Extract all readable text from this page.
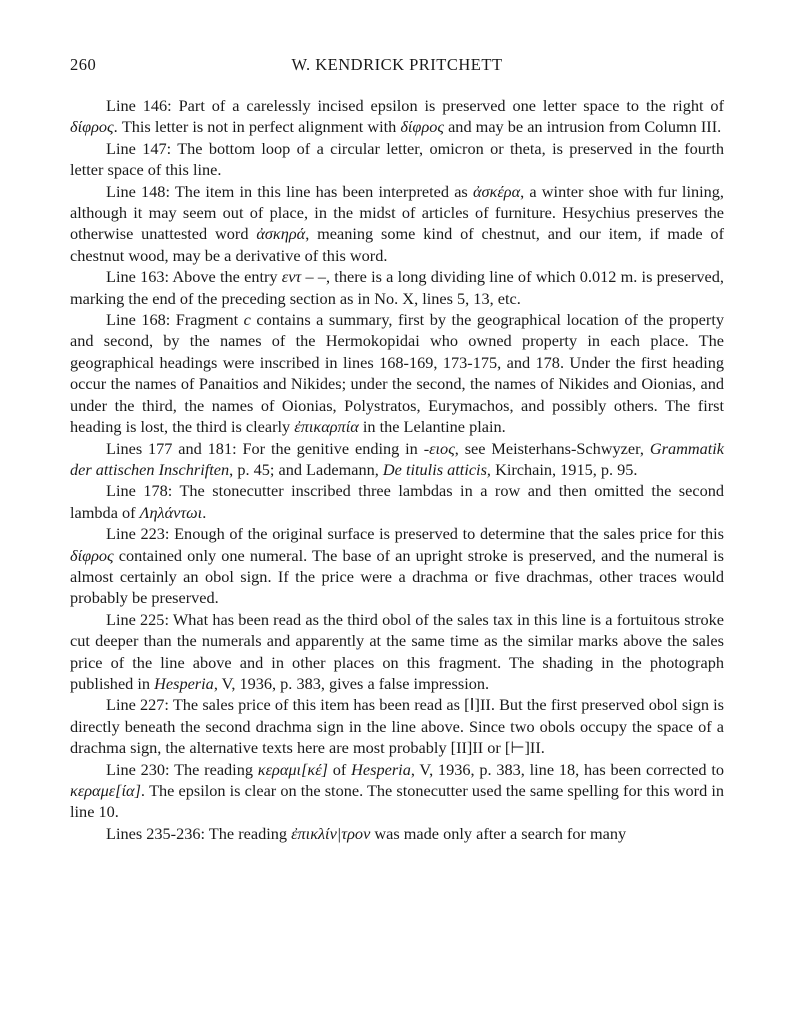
260	W. KENDRICK PRITCHETT

Line 146: Part of a carelessly incised epsilon is preserved one letter space to the right of δίφρος. This letter is not in perfect alignment with δίφρος and may be an intrusion from Column III.

Line 147: The bottom loop of a circular letter, omicron or theta, is preserved in the fourth letter space of this line.

Line 148: The item in this line has been interpreted as ἀσκέρα, a winter shoe with fur lining, although it may seem out of place, in the midst of articles of furniture. Hesychius preserves the otherwise unattested word ἀσκηρά, meaning some kind of chestnut, and our item, if made of chestnut wood, may be a derivative of this word.

Line 163: Above the entry εντ – –, there is a long dividing line of which 0.012 m. is preserved, marking the end of the preceding section as in No. X, lines 5, 13, etc.

Line 168: Fragment c contains a summary, first by the geographical location of the property and second, by the names of the Hermokopidai who owned property in each place. The geographical headings were inscribed in lines 168-169, 173-175, and 178. Under the first heading occur the names of Panaitios and Nikides; under the second, the names of Nikides and Oionias, and under the third, the names of Oionias, Polystratos, Eurymachos, and possibly others. The first heading is lost, the third is clearly ἐπικαρπία in the Lelantine plain.

Lines 177 and 181: For the genitive ending in -ειος, see Meisterhans-Schwyzer, Grammatik der attischen Inschriften, p. 45; and Lademann, De titulis atticis, Kirchain, 1915, p. 95.

Line 178: The stonecutter inscribed three lambdas in a row and then omitted the second lambda of Ληλάντωι.

Line 223: Enough of the original surface is preserved to determine that the sales price for this δίφρος contained only one numeral. The base of an upright stroke is preserved, and the numeral is almost certainly an obol sign. If the price were a drachma or five drachmas, other traces would probably be preserved.

Line 225: What has been read as the third obol of the sales tax in this line is a fortuitous stroke cut deeper than the numerals and apparently at the same time as the similar marks above the sales price of the line above and in other places on this fragment. The shading in the photograph published in Hesperia, V, 1936, p. 383, gives a false impression.

Line 227: The sales price of this item has been read as [Ⅰ]ΙΙ. But the first preserved obol sign is directly beneath the second drachma sign in the line above. Since two obols occupy the space of a drachma sign, the alternative texts here are most probably [ΙΙ]ΙΙ or [⊢]ΙΙ.

Line 230: The reading κεραμι[κέ] of Hesperia, V, 1936, p. 383, line 18, has been corrected to κεραμε[ία]. The epsilon is clear on the stone. The stonecutter used the same spelling for this word in line 10.

Lines 235-236: The reading ἐπικλίν|τρον was made only after a search for many
